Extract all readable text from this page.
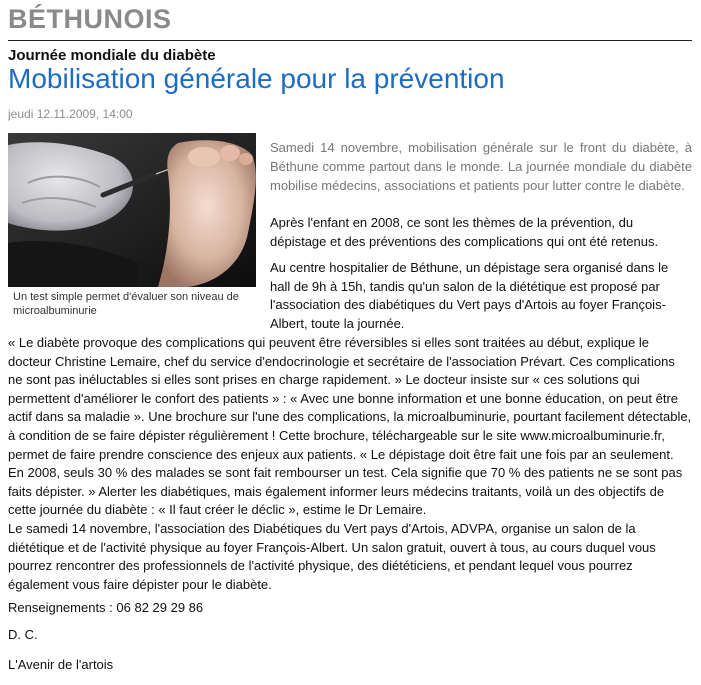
BÉTHUNOIS
Journée mondiale du diabète
Mobilisation générale pour la prévention
jeudi 12.11.2009, 14:00
Un test simple permet d'évaluer son niveau de microalbuminurie

Samedi 14 novembre, mobilisation générale sur le front du diabète, à Béthune comme partout dans le monde. La journée mondiale du diabète mobilise médecins, associations et patients pour lutter contre le diabète.

Après l'enfant en 2008, ce sont les thèmes de la prévention, du dépistage et des préventions des complications qui ont été retenus.

Au centre hospitalier de Béthune, un dépistage sera organisé dans le hall de 9h à 15h, tandis qu'un salon de la diététique est proposé par l'association des diabétiques du Vert pays d'Artois au foyer François-Albert, toute la journée.

« Le diabète provoque des complications qui peuvent être réversibles si elles sont traitées au début, explique le docteur Christine Lemaire, chef du service d'endocrinologie et secrétaire de l'association Prévart. Ces complications ne sont pas inéluctables si elles sont prises en charge rapidement. » Le docteur insiste sur « ces solutions qui permettent d'améliorer le confort des patients » : « Avec une bonne information et une bonne éducation, on peut être actif dans sa maladie ». Une brochure sur l'une des complications, la microalbuminurie, pourtant facilement détectable, à condition de se faire dépister régulièrement ! Cette brochure, téléchargeable sur le site www.microalbuminurie.fr, permet de faire prendre conscience des enjeux aux patients. « Le dépistage doit être fait une fois par an seulement. En 2008, seuls 30 % des malades se sont fait rembourser un test. Cela signifie que 70 % des patients ne se sont pas faits dépister. » Alerter les diabétiques, mais également informer leurs médecins traitants, voilà un des objectifs de cette journée du diabète : « Il faut créer le déclic », estime le Dr Lemaire.

Le samedi 14 novembre, l'association des Diabétiques du Vert pays d'Artois, ADVPA, organise un salon de la diététique et de l'activité physique au foyer François-Albert. Un salon gratuit, ouvert à tous, au cours duquel vous pourrez rencontrer des professionnels de l'activité physique, des diététiciens, et pendant lequel vous pourrez également vous faire dépister pour le diabète.

Renseignements : 06 82 29 29 86

D. C.

L'Avenir de l'artois
